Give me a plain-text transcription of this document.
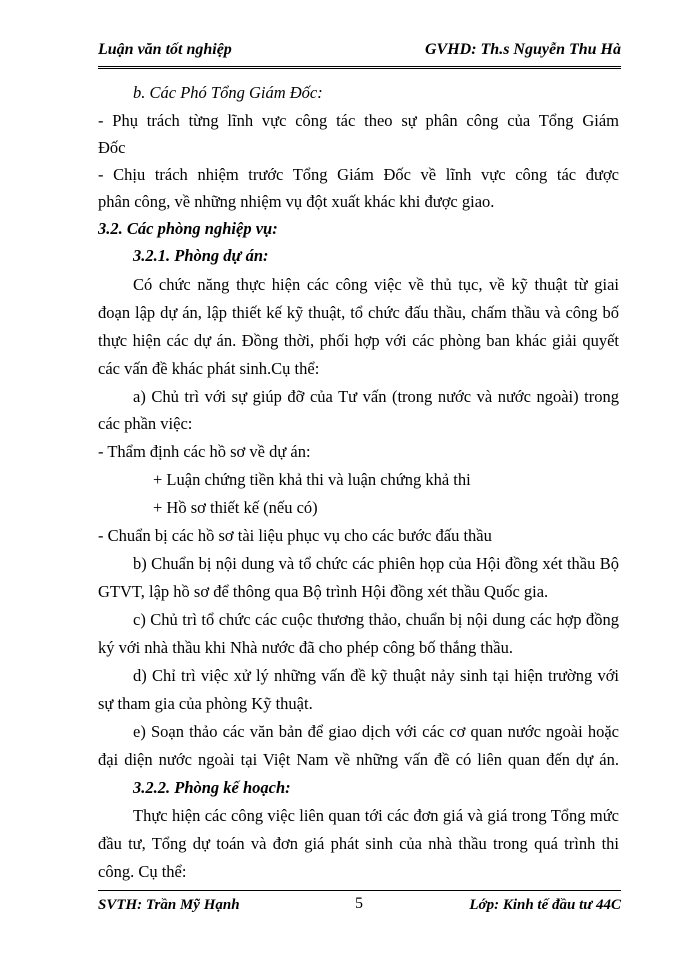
Luận văn tốt nghiệp	GVHD: Th.s Nguyễn Thu Hà
b. Các Phó Tổng Giám Đốc:
- Phụ trách từng lĩnh vực công tác theo sự phân công của Tổng Giám
Đốc
- Chịu trách nhiệm trước Tổng Giám Đốc về lĩnh vực công tác được
phân công, về những nhiệm vụ đột xuất khác khi được giao.
3.2. Các phòng nghiệp vụ:
3.2.1. Phòng dự án:
Có chức năng thực hiện các công việc về thủ tục, về kỹ thuật từ giai
đoạn lập dự án, lập thiết kế kỹ thuật, tổ chức đấu thầu, chấm thầu và công bố
thực hiện các dự án. Đồng thời, phối hợp với các phòng ban khác giải quyết
các vấn đề khác phát sinh.Cụ thể:
a) Chủ trì với sự giúp đỡ của Tư vấn (trong nước và nước ngoài) trong
các phần việc:
- Thẩm định các hồ sơ về dự án:
+ Luận chứng tiền khả thi và luận chứng khả thi
+ Hồ sơ thiết kế (nếu có)
- Chuẩn bị các hồ sơ tài liệu phục vụ cho các bước đấu thầu
b) Chuẩn bị nội dung và tổ chức các phiên họp của Hội đồng xét thầu Bộ
GTVT, lập hồ sơ để thông qua Bộ trình Hội đồng xét thầu Quốc gia.
c) Chủ trì tổ chức các cuộc thương thảo, chuẩn bị nội dung các hợp đồng
ký với nhà thầu khi Nhà nước đã cho phép công bố thắng thầu.
d) Chỉ trì việc xử lý những vấn đề kỹ thuật nảy sinh tại hiện trường với
sự tham gia của phòng Kỹ thuật.
e) Soạn thảo các văn bản để giao dịch với các cơ quan nước ngoài hoặc
đại diện nước ngoài tại Việt Nam về những vấn đề có liên quan đến dự án.
3.2.2. Phòng kế hoạch:
Thực hiện các công việc liên quan tới các đơn giá và giá trong Tổng mức
đầu tư, Tổng dự toán và đơn giá phát sinh của nhà thầu trong quá trình thi
công. Cụ thể:
SVTH: Trần Mỹ Hạnh	5	Lớp: Kinh tế đầu tư 44C
